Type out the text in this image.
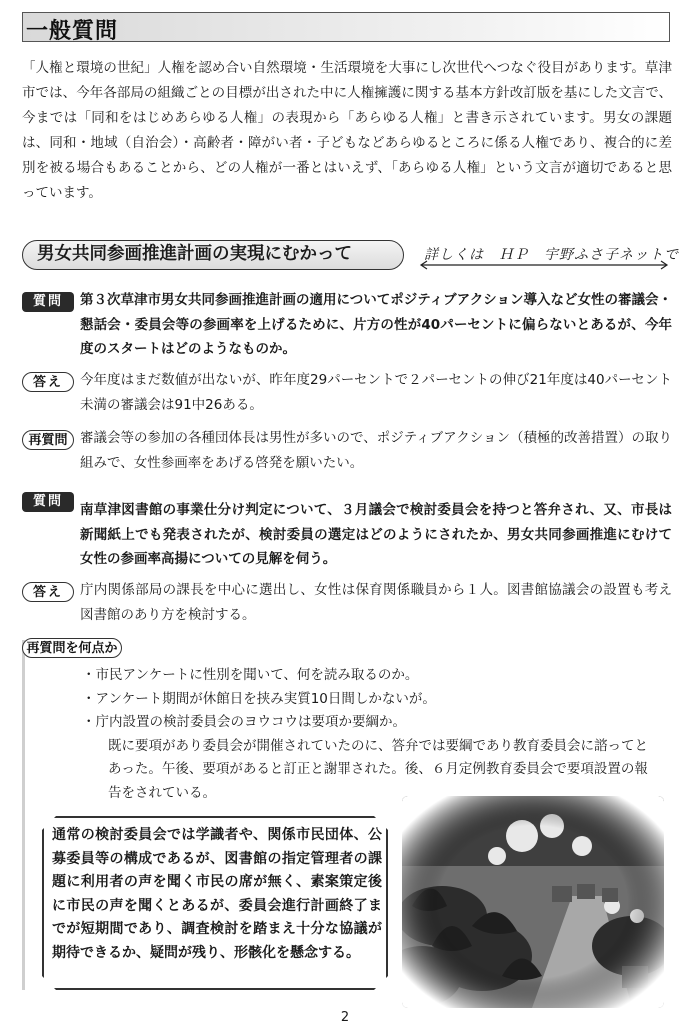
一般質問

「人権と環境の世紀」人権を認め合い自然環境・生活環境を大事にし次世代へつなぐ役目があります。草津市では、今年各部局の組織ごとの目標が出された中に人権擁護に関する基本方針改訂版を基にした文言で、今までは「同和をはじめあらゆる人権」の表現から「あらゆる人権」と書き示されています。男女の課題は、同和・地域（自治会）・高齢者・障がい者・子どもなどあらゆるところに係る人権であり、複合的に差別を被る場合もあることから、どの人権が一番とはいえず、「あらゆる人権」という文言が適切であると思っています。

男女共同参画推進計画の実現にむかって	詳しくは　ＨＰ　宇野ふさ子ネットで
質問	第３次草津市男女共同参画推進計画の適用についてポジティブアクション導入など女性の審議会・懇話会・委員会等の参画率を上げるために、片方の性が40パーセントに偏らないとあるが、今年度のスタートはどのようなものか。

答え	今年度はまだ数値が出ないが、昨年度29パーセントで２パーセントの伸び21年度は40パーセント未満の審議会は91中26ある。

再質問 審議会等の参加の各種団体長は男性が多いので、ポジティブアクション（積極的改善措置）の取り組みで、女性参画率をあげる啓発を願いたい。

質問

南草津図書館の事業仕分け判定について、３月議会で検討委員会を持つと答弁され、又、市長は新聞紙上でも発表されたが、検討委員の選定はどのようにされたか、男女共同参画推進にむけて女性の参画率高揚についての見解を伺う。

答え	庁内関係部局の課長を中心に選出し、女性は保育関係職員から１人。図書館協議会の設置も考え図書館のあり方を検討する。

再質問を何点か
・市民アンケートに性別を聞いて、何を読み取るのか。
・アンケート期間が休館日を挟み実質10日間しかないが。
・庁内設置の検討委員会のヨウコウは要項か要綱か。
既に要項があり委員会が開催されていたのに、答弁では要綱であり教育委員会に諮ってとあった。午後、要項があると訂正と謝罪された。後、６月定例教育委員会で要項設置の報告をされている。

通常の検討委員会では学識者や、関係市民団体、公募委員等の構成であるが、図書館の指定管理者の課題に利用者の声を聞く市民の席が無く、素案策定後に市民の声を聞くとあるが、委員会進行計画終了までが短期間であり、調査検討を踏まえ十分な協議が期待できるか、疑問が残り、形骸化を懸念する。

2
